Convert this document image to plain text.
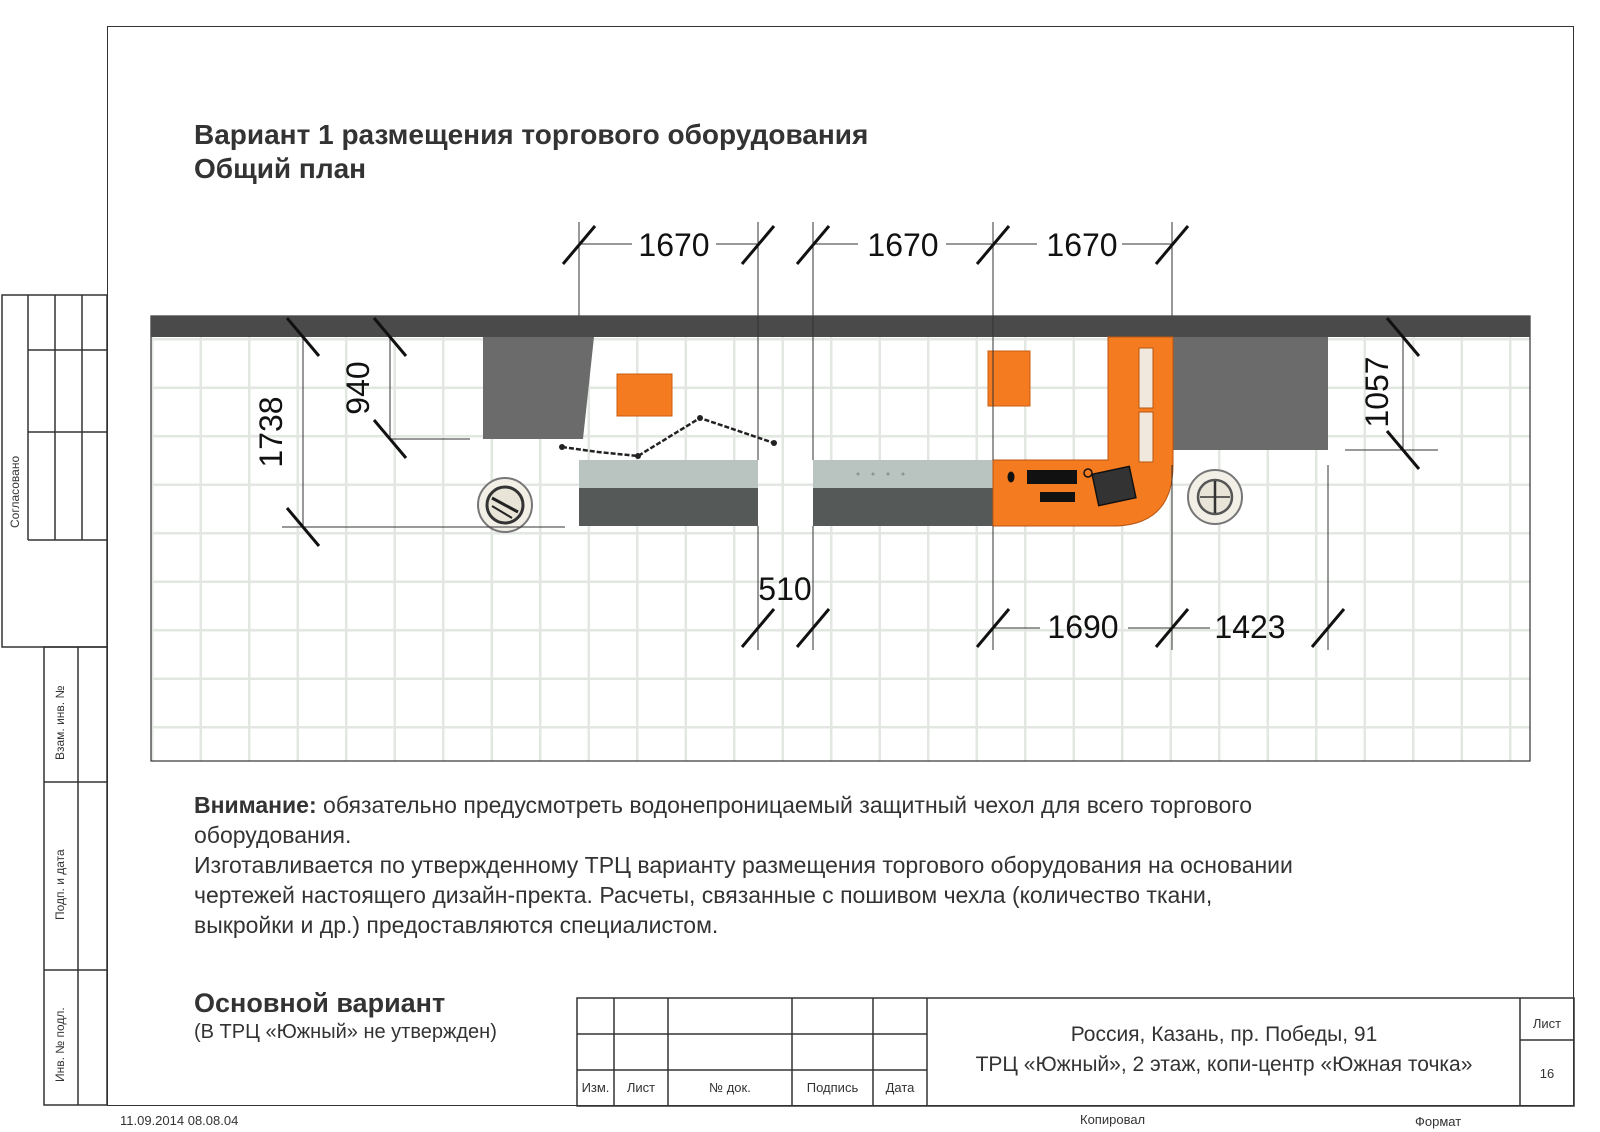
Согласовано
Взам. инв. №
Подп. и дата
Инв. № подл.
Вариант 1 размещения торгового оборудования
Общий план
1670	1670	1670
510
1690	1423
1738
940	1057
Внимание: обязательно предусмотреть водонепроницаемый защитный чехол для всего торгового
оборудования.
Изготавливается по утвержденному ТРЦ варианту размещения торгового оборудования на основании
чертежей настоящего дизайн-пректа. Расчеты, связанные с пошивом чехла (количество ткани,
выкройки и др.) предоставляются специалистом.
Основной вариант
(В ТРЦ «Южный» не утвержден)
Изм.	Лист	№ док.	Подпись	Дата
Россия, Казань, пр. Победы, 91
ТРЦ «Южный», 2 этаж, копи-центр «Южная точка»
Лист
16
11.09.2014 08.08.04	Копировал	Формат
